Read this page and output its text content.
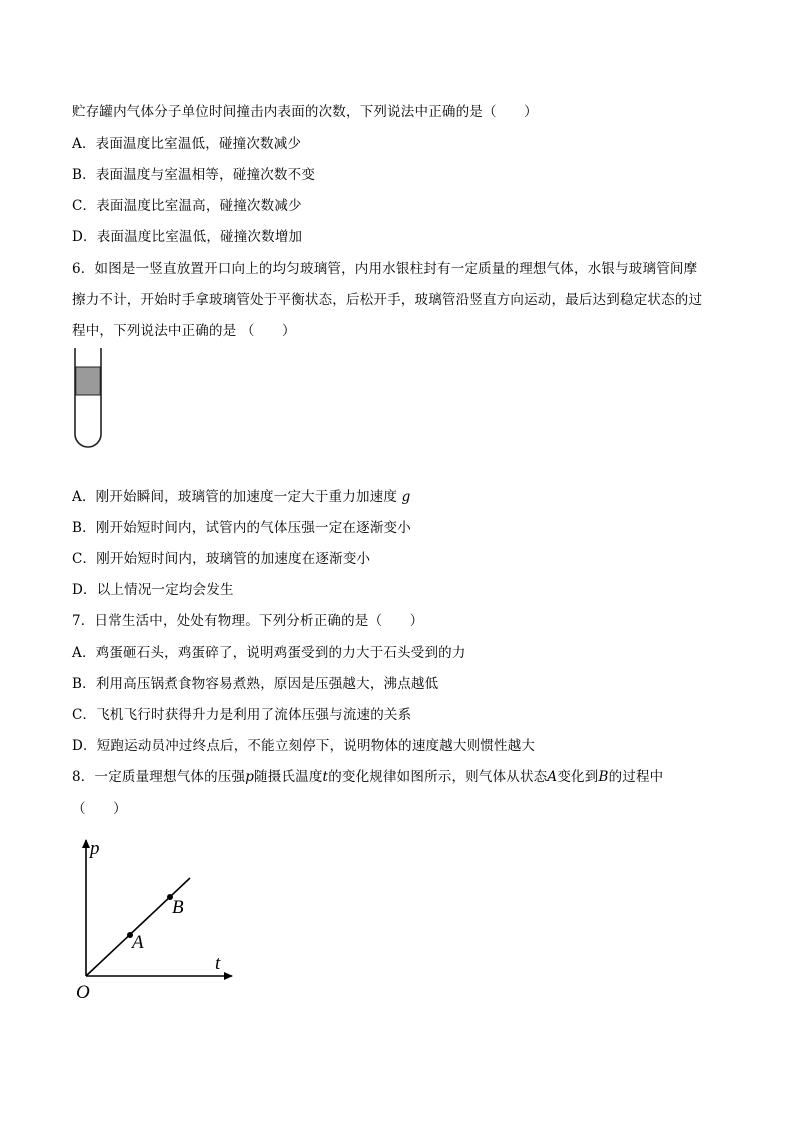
贮存罐内气体分子单位时间撞击内表面的次数，下列说法中正确的是（　　）
A．表面温度比室温低，碰撞次数减少
B．表面温度与室温相等，碰撞次数不变
C．表面温度比室温高，碰撞次数减少
D．表面温度比室温低，碰撞次数增加
6．如图是一竖直放置开口向上的均匀玻璃管，内用水银柱封有一定质量的理想气体，水银与玻璃管间摩
擦力不计，开始时手拿玻璃管处于平衡状态，后松开手，玻璃管沿竖直方向运动，最后达到稳定状态的过
程中，下列说法中正确的是 （　　）
A．刚开始瞬间，玻璃管的加速度一定大于重力加速度 g
B．刚开始短时间内，试管内的气体压强一定在逐渐变小
C．刚开始短时间内，玻璃管的加速度在逐渐变小
D．以上情况一定均会发生
7．日常生活中，处处有物理。下列分析正确的是（　　）
A．鸡蛋砸石头，鸡蛋碎了，说明鸡蛋受到的力大于石头受到的力
B．利用高压锅煮食物容易煮熟，原因是压强越大，沸点越低
C．飞机飞行时获得升力是利用了流体压强与流速的关系
D．短跑运动员冲过终点后，不能立刻停下，说明物体的速度越大则惯性越大
8．一定质量理想气体的压强p随摄氏温度t的变化规律如图所示，则气体从状态A变化到B的过程中
（　　）
p
t
O
A
B
